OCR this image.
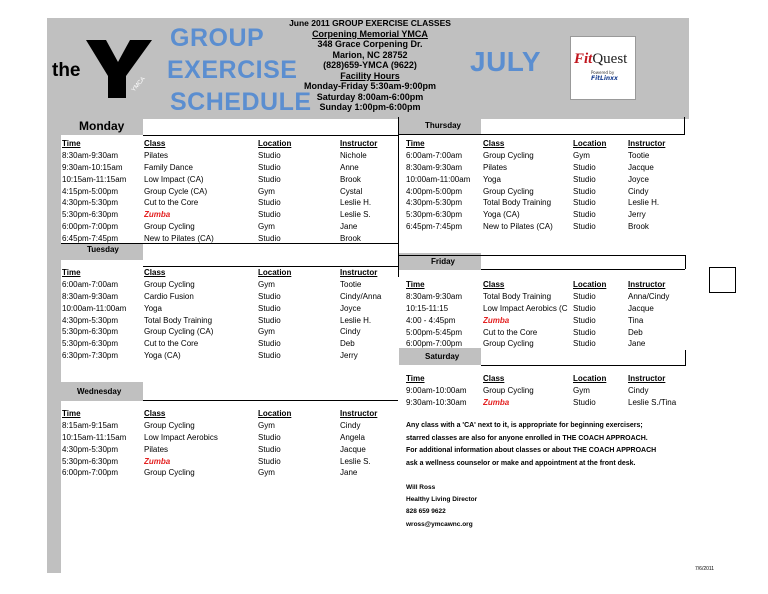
YMCA
the
GROUP
EXERCISE
SCHEDULE
June 2011 GROUP EXERCISE CLASSES
Corpening Memorial YMCA
348 Grace Corpening Dr.
Marion, NC 28752
(828)659-YMCA (9622)
Facility Hours
Monday-Friday 5:30am-9:00pm
Saturday 8:00am-6:00pm
Sunday 1:00pm-6:00pm
JULY FitQuest
Powered by FitLinxx
Monday	Thursday
Tuesday
Friday
Saturday
Wednesday
Time	Class	Location	Instructor
8:30am-9:30am	Pilates	Studio	Nichole
9:30am-10:15am	Family Dance	Studio	Anne
10:15am-11:15am	Low Impact (CA)	Studio	Brook
4:15pm-5:00pm	Group Cycle (CA)	Gym	Cystal
4:30pm-5:30pm	Cut to the Core	Studio	Leslie H.
5:30pm-6:30pm	Zumba	Studio	Leslie S.
6:00pm-7:00pm	Group Cycling	Gym	Jane
6:45pm-7:45pm	New to Pilates (CA)	Studio	Brook
Time	Class	Location	Instructor
6:00am-7:00am	Group Cycling	Gym	Tootie
8:30am-9:30am	Cardio Fusion	Studio	Cindy/Anna
10:00am-11:00am	Yoga	Studio	Joyce
4:30pm-5:30pm	Total Body Training	Studio	Leslie H.
5:30pm-6:30pm	Group Cycling (CA)	Gym	Cindy
5:30pm-6:30pm	Cut to the Core	Studio	Deb
6:30pm-7:30pm	Yoga (CA)	Studio	Jerry
Time	Class	Location	Instructor
8:15am-9:15am	Group Cycling	Gym	Cindy
10:15am-11:15am	Low Impact Aerobics	Studio	Angela
4:30pm-5:30pm	Pilates	Studio	Jacque
5:30pm-6:30pm	Zumba	Studio	Leslie S.
6:00pm-7:00pm	Group Cycling	Gym	Jane
Time	Class	Location	Instructor
6:00am-7:00am	Group Cycling	Gym	Tootie
8:30am-9:30am	Pilates	Studio	Jacque
10:00am-11:00am	Yoga	Studio	Joyce
4:00pm-5:00pm	Group Cycling	Studio	Cindy
4:30pm-5:30pm	Total Body Training	Studio	Leslie H.
5:30pm-6:30pm	Yoga (CA)	Studio	Jerry
6:45pm-7:45pm	New to Pilates (CA)	Studio	Brook
Time	Class	Location	Instructor
8:30am-9:30am	Total Body Training	Studio	Anna/Cindy
10:15-11:15	Low Impact Aerobics (C	Studio	Jacque
4:00 - 4:45pm	Zumba	Studio	Tina
5:00pm-5:45pm	Cut to the Core	Studio	Deb
6:00pm-7:00pm	Group Cycling	Studio	Jane
Time	Class	Location	Instructor
9:00am-10:00am	Group Cycling	Gym	Cindy
9:30am-10:30am	Zumba	Studio	Leslie S./Tina
Any class with a 'CA' next to it, is appropriate for beginning exercisers;
starred classes are also for anyone enrolled in THE COACH APPROACH.
For additional information about classes or about THE COACH APPROACH
ask a wellness counselor or make and appointment at the front desk.
Will Ross
Healthy Living Director
828 659 9622
wross@ymcawnc.org
7/6/2011
